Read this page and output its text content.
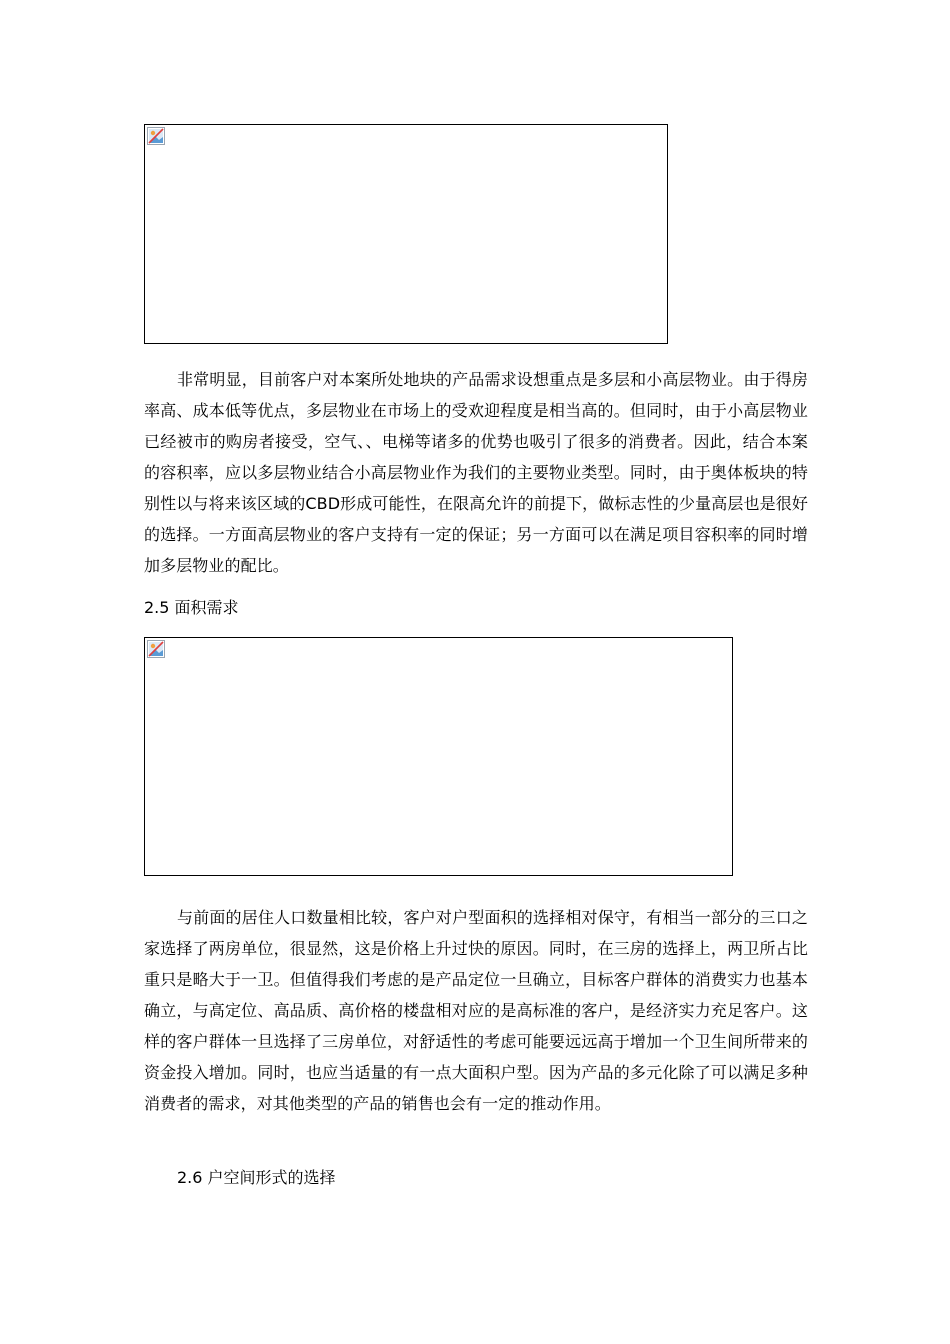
非常明显，目前客户对本案所处地块的产品需求设想重点是多层和小高层物业。由于得房率高、成本低等优点，多层物业在市场上的受欢迎程度是相当高的。但同时，由于小高层物业已经被市的购房者接受，空气、、电梯等诸多的优势也吸引了很多的消费者。因此，结合本案的容积率，应以多层物业结合小高层物业作为我们的主要物业类型。同时，由于奥体板块的特别性以与将来该区域的CBD形成可能性，在限高允许的前提下，做标志性的少量高层也是很好的选择。一方面高层物业的客户支持有一定的保证；另一方面可以在满足项目容积率的同时增加多层物业的配比。

2.5 面积需求

与前面的居住人口数量相比较，客户对户型面积的选择相对保守，有相当一部分的三口之家选择了两房单位，很显然，这是价格上升过快的原因。同时，在三房的选择上，两卫所占比重只是略大于一卫。但值得我们考虑的是产品定位一旦确立，目标客户群体的消费实力也基本确立，与高定位、高品质、高价格的楼盘相对应的是高标准的客户，是经济实力充足客户。这样的客户群体一旦选择了三房单位，对舒适性的考虑可能要远远高于增加一个卫生间所带来的资金投入增加。同时，也应当适量的有一点大面积户型。因为产品的多元化除了可以满足多种消费者的需求，对其他类型的产品的销售也会有一定的推动作用。

2.6 户空间形式的选择
